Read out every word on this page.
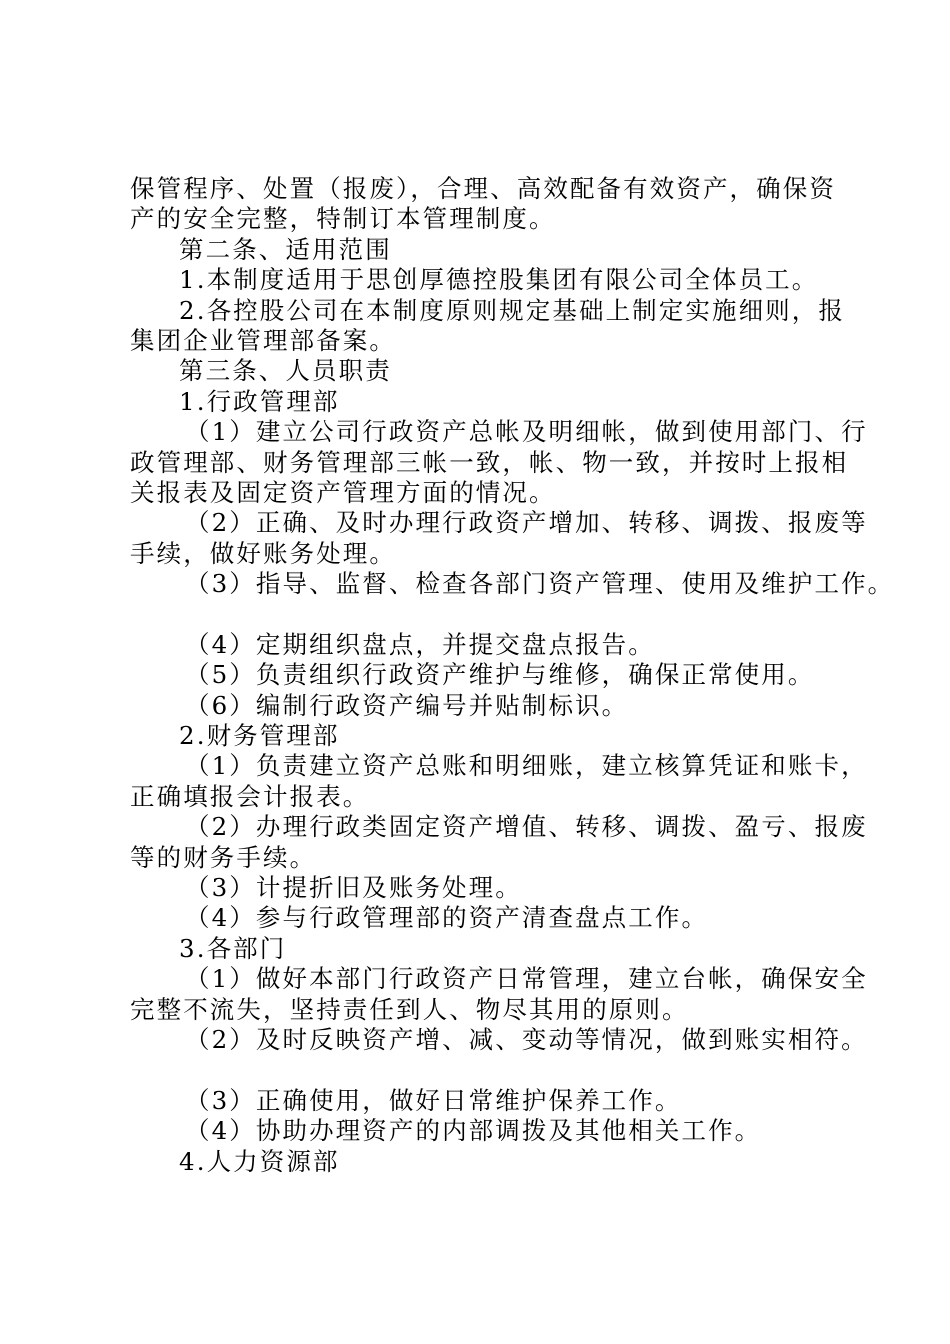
保管程序、处置（报废），合理、高效配备有效资产，确保资
产的安全完整，特制订本管理制度。
第二条、适用范围
1.本制度适用于思创厚德控股集团有限公司全体员工。
2.各控股公司在本制度原则规定基础上制定实施细则，报
集团企业管理部备案。
第三条、人员职责
1.行政管理部
（1）建立公司行政资产总帐及明细帐，做到使用部门、行
政管理部、财务管理部三帐一致，帐、物一致，并按时上报相
关报表及固定资产管理方面的情况。
（2）正确、及时办理行政资产增加、转移、调拨、报废等
手续，做好账务处理。
（3）指导、监督、检查各部门资产管理、使用及维护工作。
（4）定期组织盘点，并提交盘点报告。
（5）负责组织行政资产维护与维修，确保正常使用。
（6）编制行政资产编号并贴制标识。
2.财务管理部
（1）负责建立资产总账和明细账，建立核算凭证和账卡，
正确填报会计报表。
（2）办理行政类固定资产增值、转移、调拨、盈亏、报废
等的财务手续。
（3）计提折旧及账务处理。
（4）参与行政管理部的资产清查盘点工作。
3.各部门
（1）做好本部门行政资产日常管理，建立台帐，确保安全
完整不流失，坚持责任到人、物尽其用的原则。
（2）及时反映资产增、减、变动等情况，做到账实相符。
（3）正确使用，做好日常维护保养工作。
（4）协助办理资产的内部调拨及其他相关工作。
4.人力资源部
